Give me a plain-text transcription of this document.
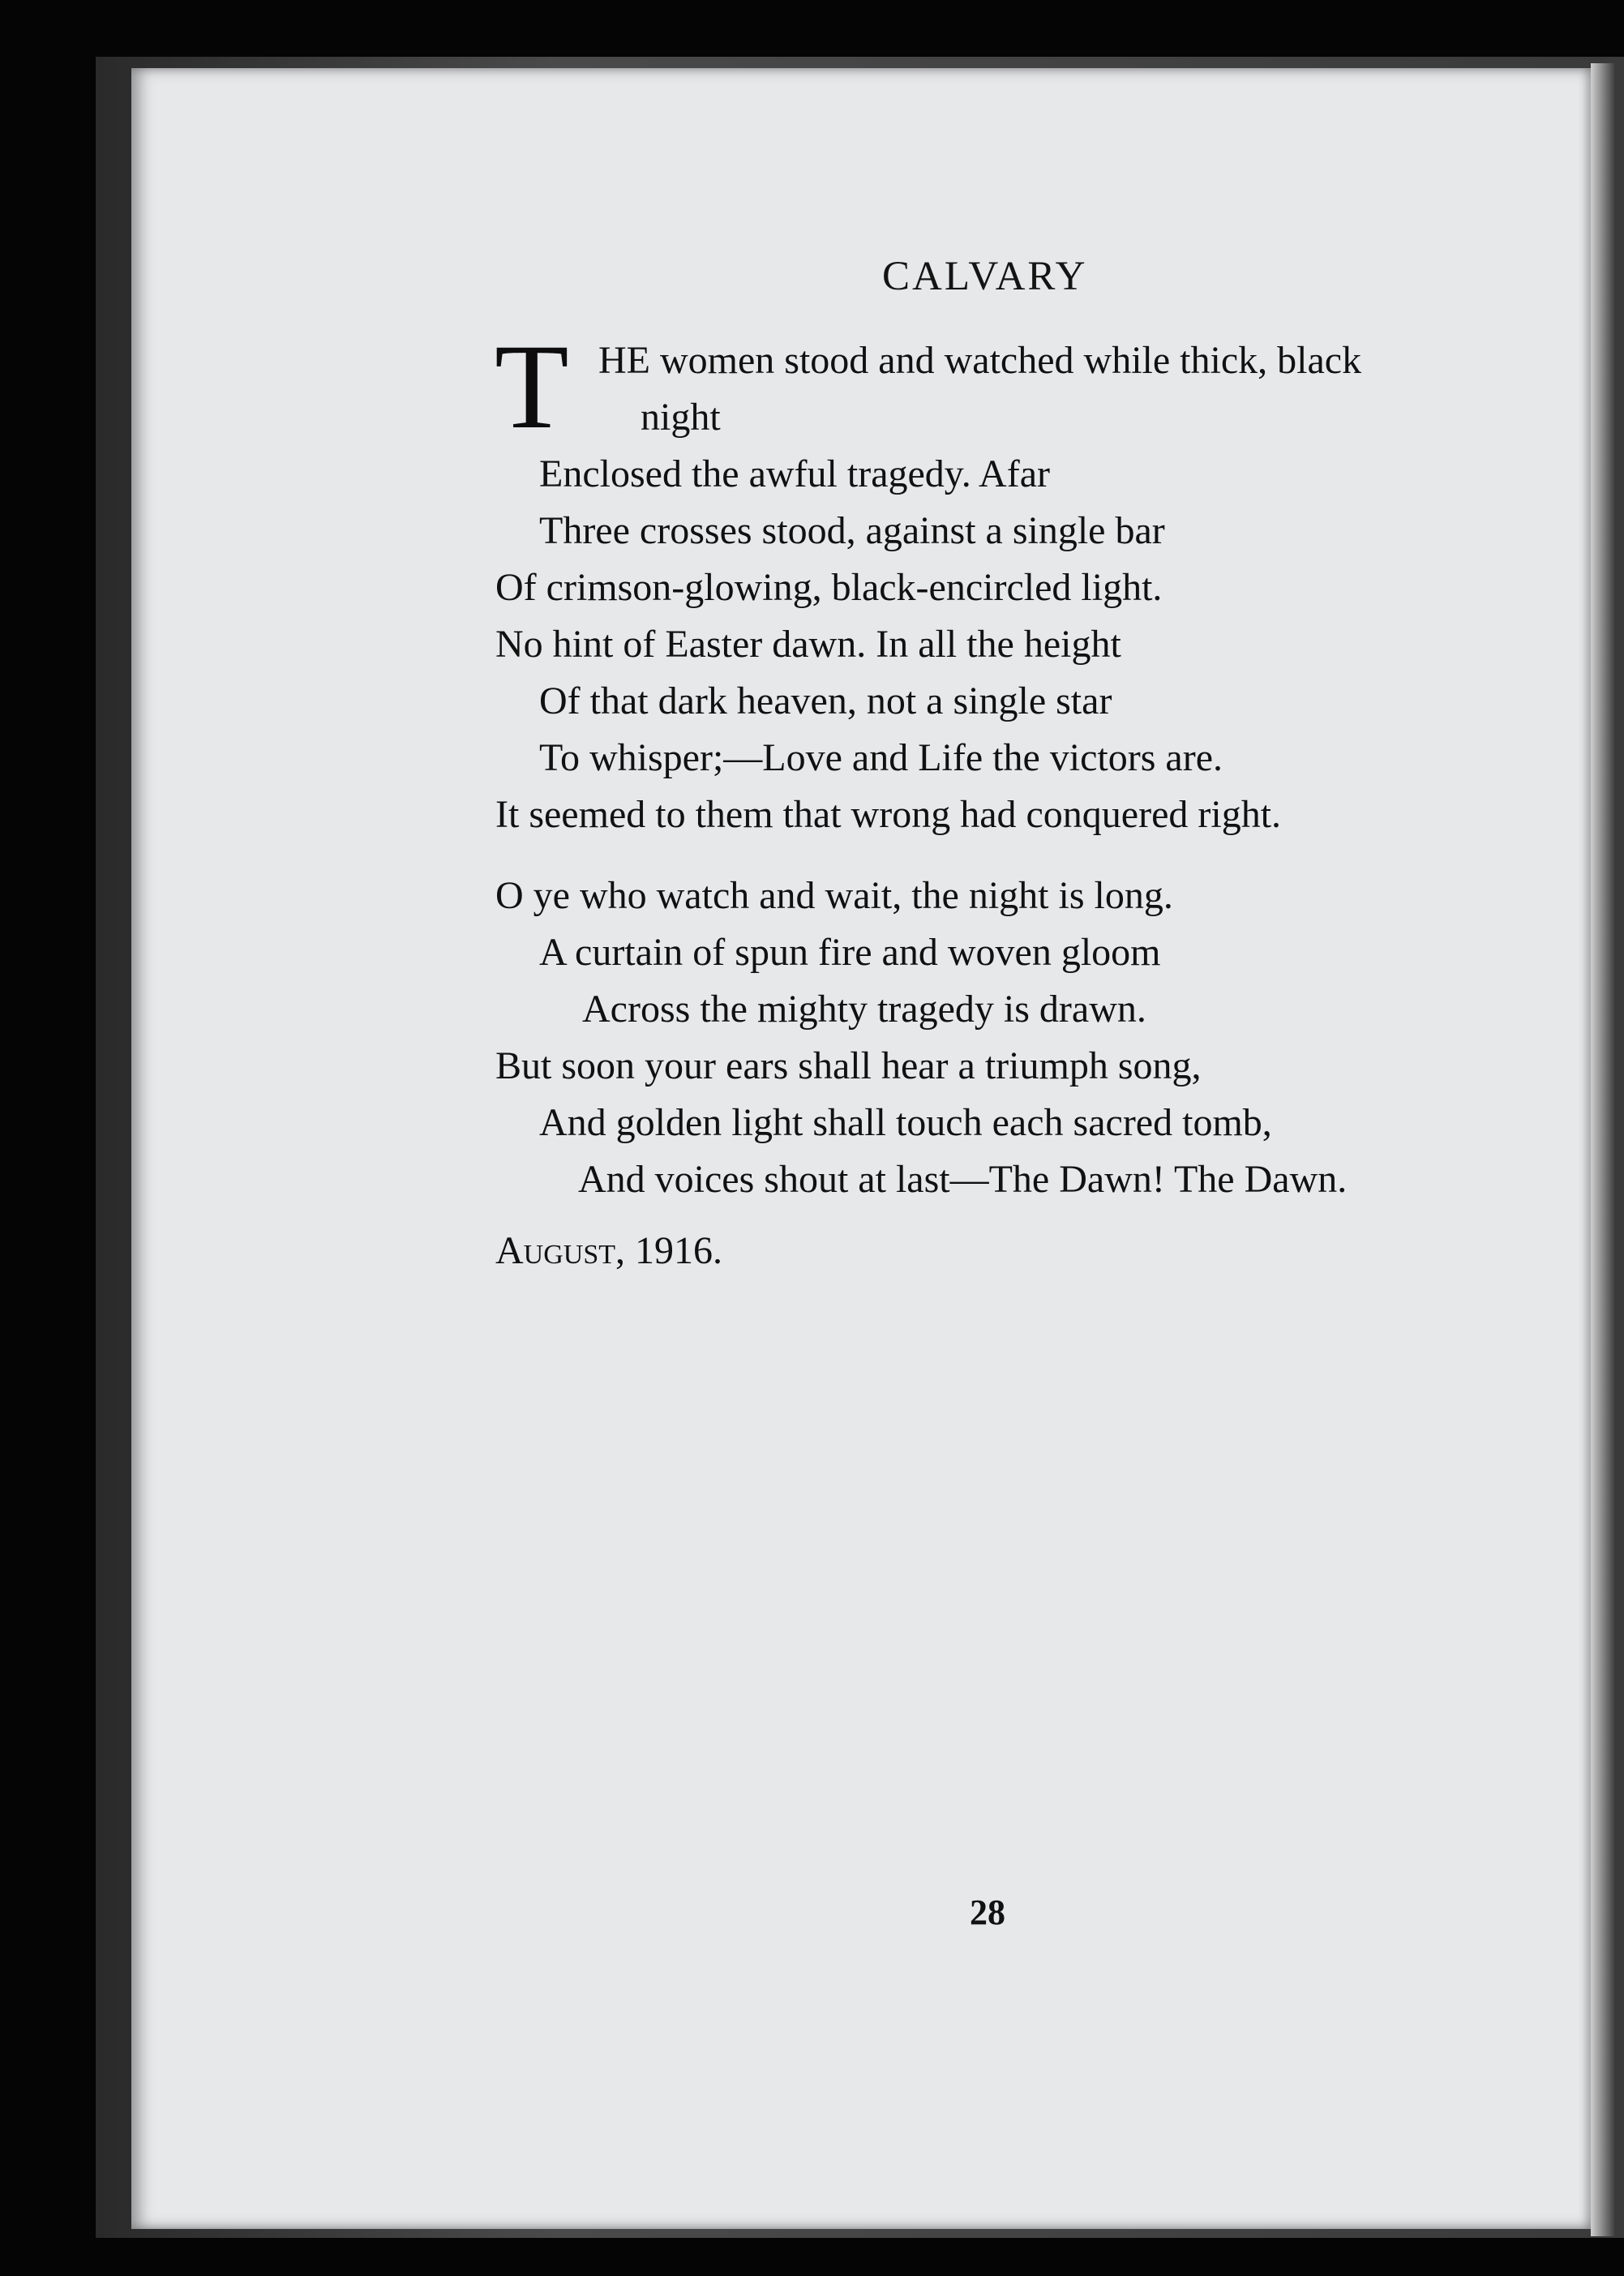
CALVARY
T HE women stood and watched while thick, black
night
Enclosed the awful tragedy. Afar
Three crosses stood, against a single bar
Of crimson-glowing, black-encircled light.
No hint of Easter dawn. In all the height
Of that dark heaven, not a single star
To whisper;—Love and Life the victors are.
It seemed to them that wrong had conquered right.
O ye who watch and wait, the night is long.
A curtain of spun fire and woven gloom
Across the mighty tragedy is drawn.
But soon your ears shall hear a triumph song,
And golden light shall touch each sacred tomb,
And voices shout at last—The Dawn! The Dawn.
August, 1916.
28
